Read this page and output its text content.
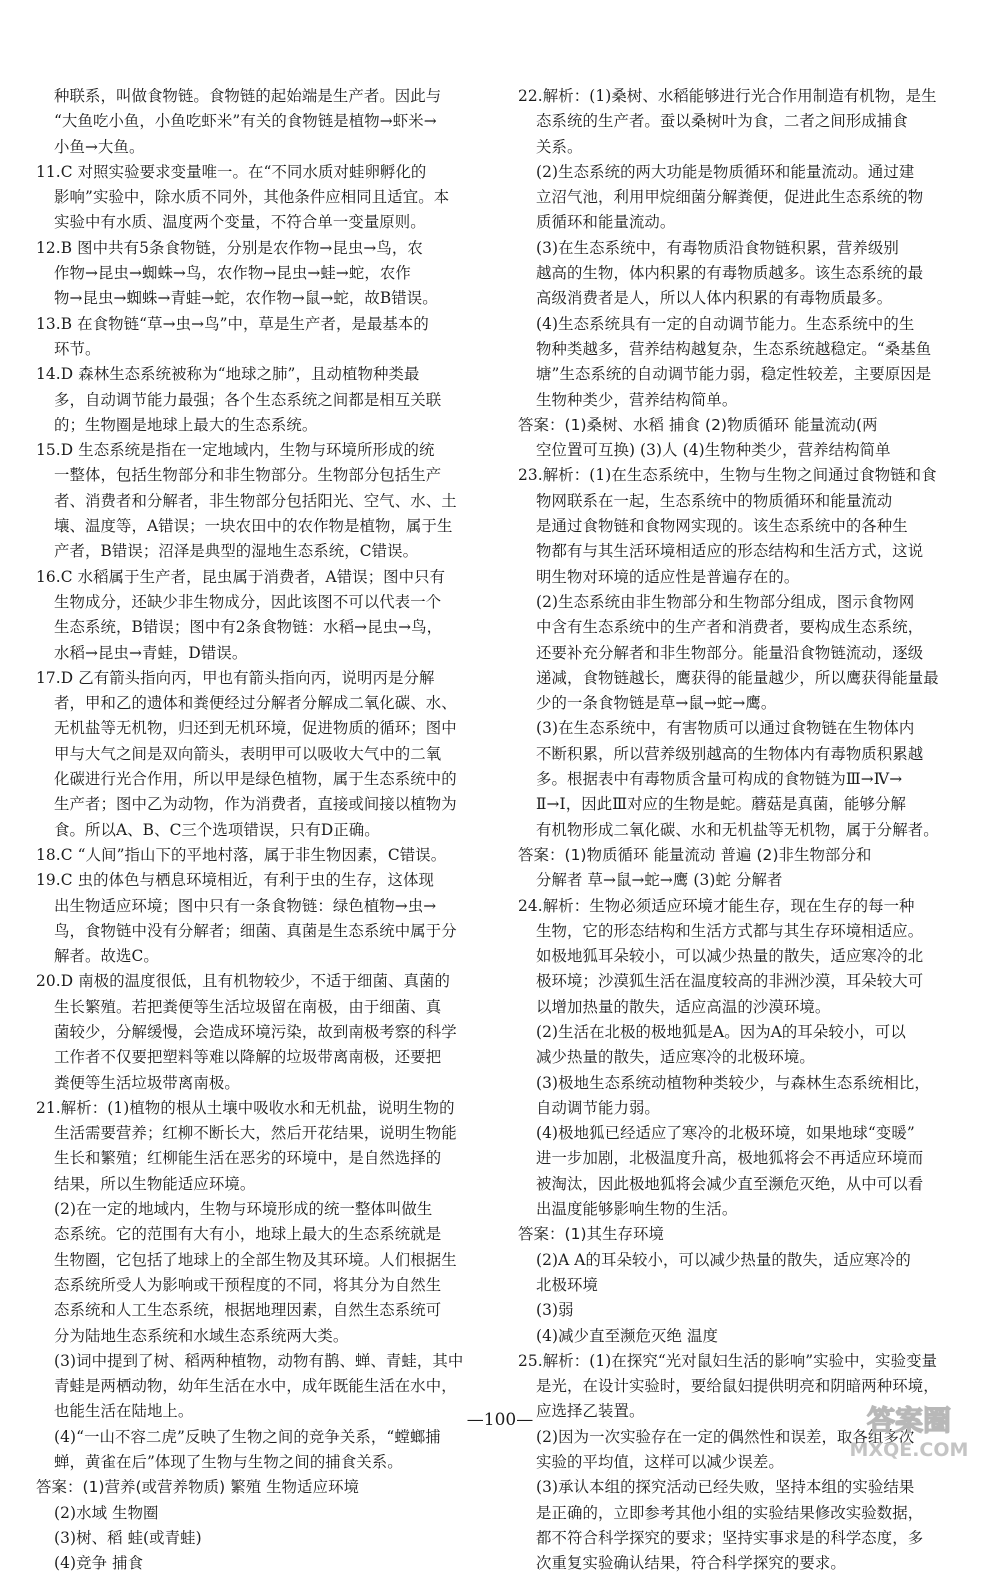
种联系，叫做食物链。食物链的起始端是生产者。因此与
“大鱼吃小鱼，小鱼吃虾米”有关的食物链是植物→虾米→
小鱼→大鱼。
11.C 对照实验要求变量唯一。在“不同水质对蛙卵孵化的
影响”实验中，除水质不同外，其他条件应相同且适宜。本
实验中有水质、温度两个变量，不符合单一变量原则。
12.B 图中共有5条食物链，分别是农作物→昆虫→鸟，农
作物→昆虫→蜘蛛→鸟，农作物→昆虫→蛙→蛇，农作
物→昆虫→蜘蛛→青蛙→蛇，农作物→鼠→蛇，故B错误。
13.B 在食物链“草→虫→鸟”中，草是生产者，是最基本的
环节。
14.D 森林生态系统被称为“地球之肺”，且动植物种类最
多，自动调节能力最强；各个生态系统之间都是相互关联
的；生物圈是地球上最大的生态系统。
15.D 生态系统是指在一定地域内，生物与环境所形成的统
一整体，包括生物部分和非生物部分。生物部分包括生产
者、消费者和分解者，非生物部分包括阳光、空气、水、土
壤、温度等，A错误；一块农田中的农作物是植物，属于生
产者，B错误；沼泽是典型的湿地生态系统，C错误。
16.C 水稻属于生产者，昆虫属于消费者，A错误；图中只有
生物成分，还缺少非生物成分，因此该图不可以代表一个
生态系统，B错误；图中有2条食物链：水稻→昆虫→鸟，
水稻→昆虫→青蛙，D错误。
17.D 乙有箭头指向丙，甲也有箭头指向丙，说明丙是分解
者，甲和乙的遗体和粪便经过分解者分解成二氧化碳、水、
无机盐等无机物，归还到无机环境，促进物质的循环；图中
甲与大气之间是双向箭头，表明甲可以吸收大气中的二氧
化碳进行光合作用，所以甲是绿色植物，属于生态系统中的
生产者；图中乙为动物，作为消费者，直接或间接以植物为
食。所以A、B、C三个选项错误，只有D正确。
18.C “人间”指山下的平地村落，属于非生物因素，C错误。
19.C 虫的体色与栖息环境相近，有利于虫的生存，这体现
出生物适应环境；图中只有一条食物链：绿色植物→虫→
鸟，食物链中没有分解者；细菌、真菌是生态系统中属于分
解者。故选C。
20.D 南极的温度很低，且有机物较少，不适于细菌、真菌的
生长繁殖。若把粪便等生活垃圾留在南极，由于细菌、真
菌较少，分解缓慢，会造成环境污染，故到南极考察的科学
工作者不仅要把塑料等难以降解的垃圾带离南极，还要把
粪便等生活垃圾带离南极。
21.解析：(1)植物的根从土壤中吸收水和无机盐，说明生物的
生活需要营养；红柳不断长大，然后开花结果，说明生物能
生长和繁殖；红柳能生活在恶劣的环境中，是自然选择的
结果，所以生物能适应环境。
(2)在一定的地域内，生物与环境形成的统一整体叫做生
态系统。它的范围有大有小，地球上最大的生态系统就是
生物圈，它包括了地球上的全部生物及其环境。人们根据生
态系统所受人为影响或干预程度的不同，将其分为自然生
态系统和人工生态系统，根据地理因素，自然生态系统可
分为陆地生态系统和水域生态系统两大类。
(3)词中提到了树、稻两种植物，动物有鹊、蝉、青蛙，其中
青蛙是两栖动物，幼年生活在水中，成年既能生活在水中，
也能生活在陆地上。
(4)“一山不容二虎”反映了生物之间的竞争关系，“螳螂捕
蝉，黄雀在后”体现了生物与生物之间的捕食关系。
答案：(1)营养(或营养物质) 繁殖 生物适应环境
(2)水域 生物圈
(3)树、稻 蛙(或青蛙)
(4)竞争 捕食
22.解析：(1)桑树、水稻能够进行光合作用制造有机物，是生
态系统的生产者。蚕以桑树叶为食，二者之间形成捕食
关系。
(2)生态系统的两大功能是物质循环和能量流动。通过建
立沼气池，利用甲烷细菌分解粪便，促进此生态系统的物
质循环和能量流动。
(3)在生态系统中，有毒物质沿食物链积累，营养级别
越高的生物，体内积累的有毒物质越多。该生态系统的最
高级消费者是人，所以人体内积累的有毒物质最多。
(4)生态系统具有一定的自动调节能力。生态系统中的生
物种类越多，营养结构越复杂，生态系统越稳定。“桑基鱼
塘”生态系统的自动调节能力弱，稳定性较差，主要原因是
生物种类少，营养结构简单。
答案：(1)桑树、水稻 捕食 (2)物质循环 能量流动(两
空位置可互换) (3)人 (4)生物种类少，营养结构简单
23.解析：(1)在生态系统中，生物与生物之间通过食物链和食
物网联系在一起，生态系统中的物质循环和能量流动
是通过食物链和食物网实现的。该生态系统中的各种生
物都有与其生活环境相适应的形态结构和生活方式，这说
明生物对环境的适应性是普遍存在的。
(2)生态系统由非生物部分和生物部分组成，图示食物网
中含有生态系统中的生产者和消费者，要构成生态系统，
还要补充分解者和非生物部分。能量沿食物链流动，逐级
递减，食物链越长，鹰获得的能量越少，所以鹰获得能量最
少的一条食物链是草→鼠→蛇→鹰。
(3)在生态系统中，有害物质可以通过食物链在生物体内
不断积累，所以营养级别越高的生物体内有毒物质积累越
多。根据表中有毒物质含量可构成的食物链为Ⅲ→Ⅳ→
Ⅱ→Ⅰ，因此Ⅲ对应的生物是蛇。蘑菇是真菌，能够分解
有机物形成二氧化碳、水和无机盐等无机物，属于分解者。
答案：(1)物质循环 能量流动 普遍 (2)非生物部分和
分解者 草→鼠→蛇→鹰 (3)蛇 分解者
24.解析：生物必须适应环境才能生存，现在生存的每一种
生物，它的形态结构和生活方式都与其生存环境相适应。
如极地狐耳朵较小，可以减少热量的散失，适应寒冷的北
极环境；沙漠狐生活在温度较高的非洲沙漠，耳朵较大可
以增加热量的散失，适应高温的沙漠环境。
(2)生活在北极的极地狐是A。因为A的耳朵较小，可以
减少热量的散失，适应寒冷的北极环境。
(3)极地生态系统动植物种类较少，与森林生态系统相比，
自动调节能力弱。
(4)极地狐已经适应了寒冷的北极环境，如果地球“变暖”
进一步加剧，北极温度升高，极地狐将会不再适应环境而
被淘汰，因此极地狐将会减少直至濒危灭绝，从中可以看
出温度能够影响生物的生活。
答案：(1)其生存环境
(2)A A的耳朵较小，可以减少热量的散失，适应寒冷的
北极环境
(3)弱
(4)减少直至濒危灭绝 温度
25.解析：(1)在探究“光对鼠妇生活的影响”实验中，实验变量
是光，在设计实验时，要给鼠妇提供明亮和阴暗两种环境，
应选择乙装置。
(2)因为一次实验存在一定的偶然性和误差，取各组多次
实验的平均值，这样可以减少误差。
(3)承认本组的探究活动已经失败，坚持本组的实验结果
是正确的，立即参考其他小组的实验结果修改实验数据，
都不符合科学探究的要求；坚持实事求是的科学态度，多
次重复实验确认结果，符合科学探究的要求。
—100—	答案圈
MXQE.COM
